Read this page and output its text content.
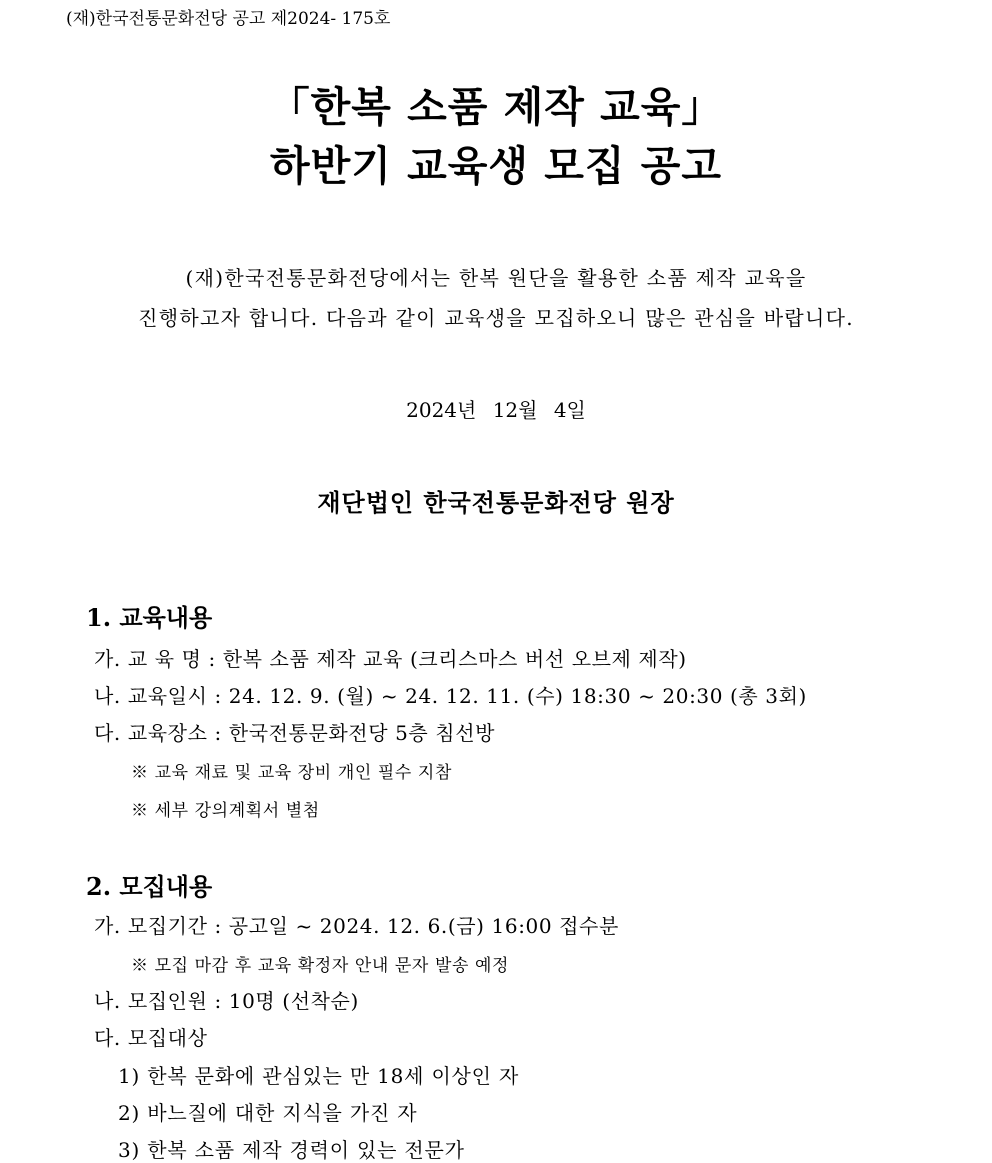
(재)한국전통문화전당 공고 제2024- 175호
「한복 소품 제작 교육」
하반기 교육생 모집 공고
(재)한국전통문화전당에서는 한복 원단을 활용한 소품 제작 교육을
진행하고자 합니다. 다음과 같이 교육생을 모집하오니 많은 관심을 바랍니다.
2024년 12월 4일
재단법인 한국전통문화전당 원장
1. 교육내용
가. 교 육 명 : 한복 소품 제작 교육 (크리스마스 버선 오브제 제작)
나. 교육일시 : 24. 12. 9. (월) ~ 24. 12. 11. (수) 18:30 ~ 20:30 (총 3회)
다. 교육장소 : 한국전통문화전당 5층 침선방
※ 교육 재료 및 교육 장비 개인 필수 지참
※ 세부 강의계획서 별첨
2. 모집내용
가. 모집기간 : 공고일 ~ 2024. 12. 6.(금) 16:00 접수분
※ 모집 마감 후 교육 확정자 안내 문자 발송 예정
나. 모집인원 : 10명 (선착순)
다. 모집대상
1) 한복 문화에 관심있는 만 18세 이상인 자
2) 바느질에 대한 지식을 가진 자
3) 한복 소품 제작 경력이 있는 전문가
